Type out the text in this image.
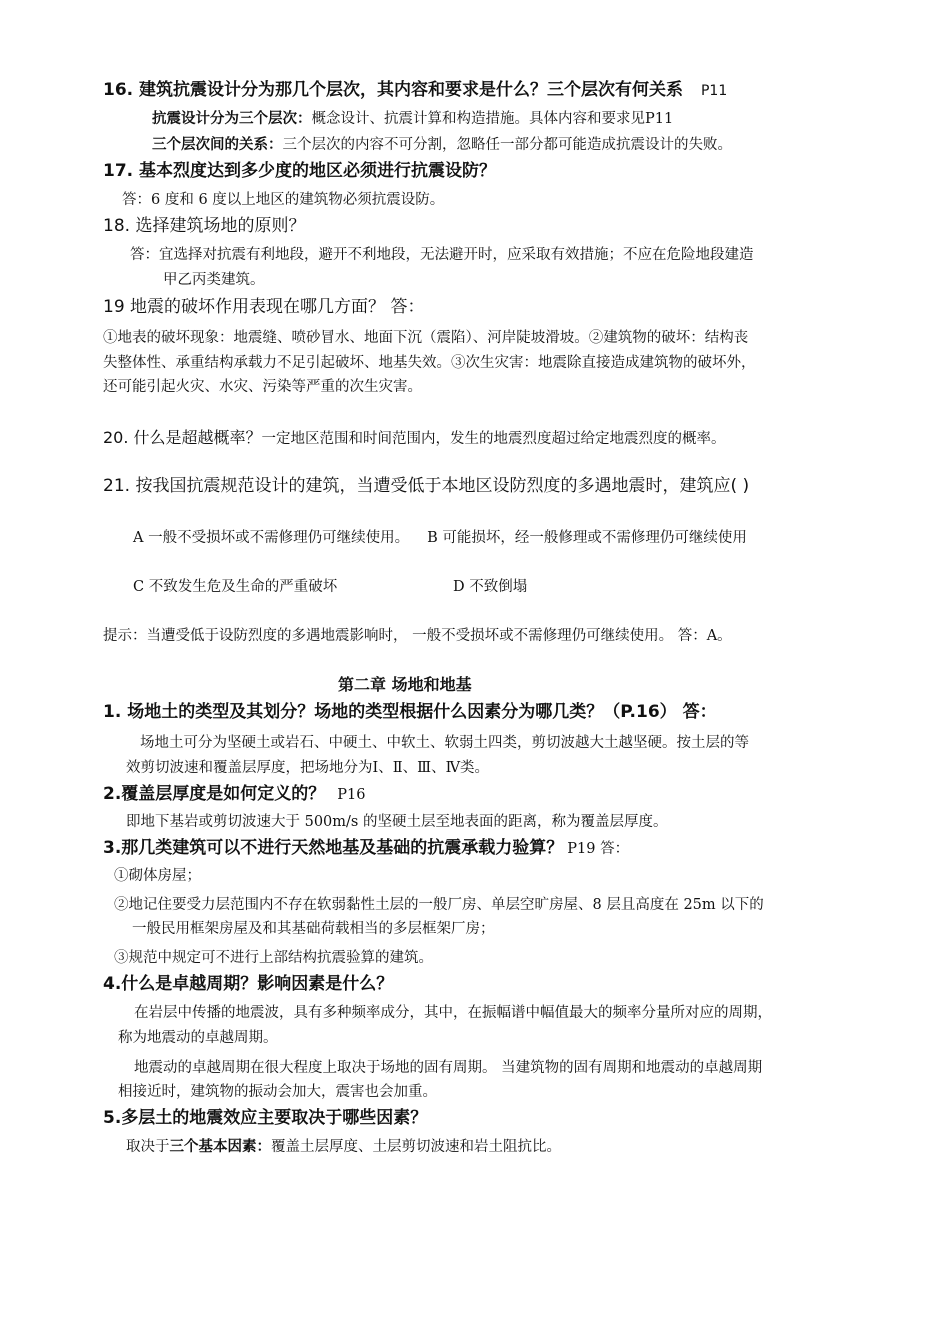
16. 建筑抗震设计分为那几个层次，其内容和要求是什么？三个层次有何关系 P11
抗震设计分为三个层次：概念设计、抗震计算和构造措施。具体内容和要求见P11
三个层次间的关系：三个层次的内容不可分割，忽略任一部分都可能造成抗震设计的失败。
17. 基本烈度达到多少度的地区必须进行抗震设防？
答：6 度和 6 度以上地区的建筑物必须抗震设防。
18. 选择建筑场地的原则？
答：宜选择对抗震有利地段，避开不利地段，无法避开时，应采取有效措施；不应在危险地段建造
甲乙丙类建筑。
19 地震的破坏作用表现在哪几方面？ 答：
①地表的破坏现象：地震缝、喷砂冒水、地面下沉（震陷）、河岸陡坡滑坡。②建筑物的破坏：结构丧
失整体性、承重结构承载力不足引起破坏、地基失效。③次生灾害：地震除直接造成建筑物的破坏外，
还可能引起火灾、水灾、污染等严重的次生灾害。
20. 什么是超越概率？一定地区范围和时间范围内，发生的地震烈度超过给定地震烈度的概率。
21. 按我国抗震规范设计的建筑，当遭受低于本地区设防烈度的多遇地震时，建筑应( )
A 一般不受损坏或不需修理仍可继续使用。 B 可能损坏，经一般修理或不需修理仍可继续使用
C 不致发生危及生命的严重破坏	D 不致倒塌
提示：当遭受低于设防烈度的多遇地震影响时， 一般不受损坏或不需修理仍可继续使用。 答：A。
第二章 场地和地基
1. 场地土的类型及其划分？场地的类型根据什么因素分为哪几类？（P.16） 答：
场地土可分为坚硬土或岩石、中硬土、中软土、软弱土四类，剪切波越大土越坚硬。按土层的等
效剪切波速和覆盖层厚度，把场地分为Ⅰ、Ⅱ、Ⅲ、Ⅳ类。
2.覆盖层厚度是如何定义的？ P16
即地下基岩或剪切波速大于 500m/s 的坚硬土层至地表面的距离，称为覆盖层厚度。
3.那几类建筑可以不进行天然地基及基础的抗震承载力验算？ P19 答：
①砌体房屋；
②地记住要受力层范围内不存在软弱黏性土层的一般厂房、单层空旷房屋、8 层且高度在 25m 以下的
一般民用框架房屋及和其基础荷载相当的多层框架厂房；
③规范中规定可不进行上部结构抗震验算的建筑。
4.什么是卓越周期？影响因素是什么？
在岩层中传播的地震波，具有多种频率成分，其中，在振幅谱中幅值最大的频率分量所对应的周期，
称为地震动的卓越周期。
地震动的卓越周期在很大程度上取决于场地的固有周期。 当建筑物的固有周期和地震动的卓越周期
相接近时，建筑物的振动会加大，震害也会加重。
5.多层土的地震效应主要取决于哪些因素？
取决于三个基本因素：覆盖土层厚度、土层剪切波速和岩土阻抗比。
